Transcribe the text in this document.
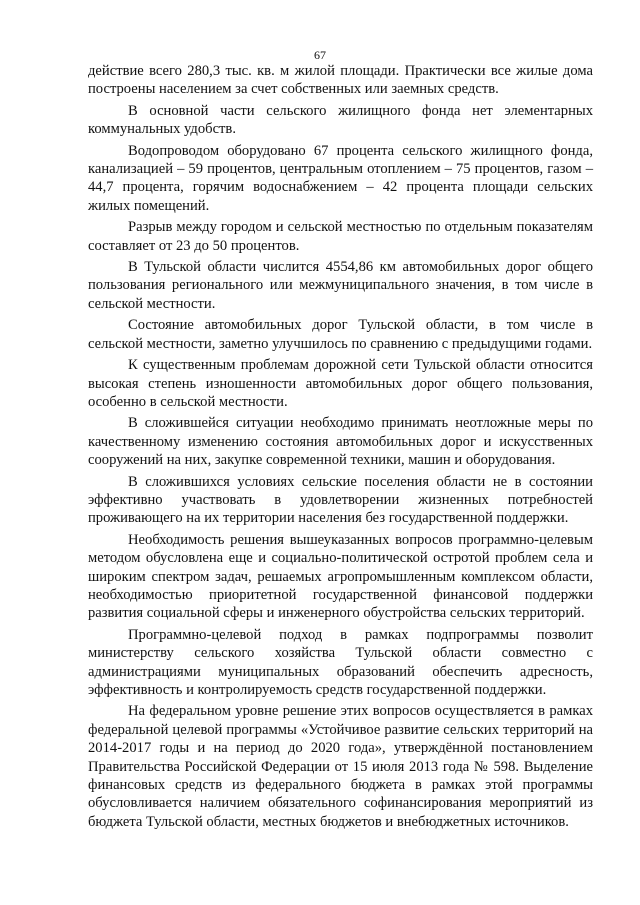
67

действие всего 280,3 тыс. кв. м жилой площади. Практически все жилые дома построены населением за счет собственных или заемных средств.

В основной части сельского жилищного фонда нет элементарных коммунальных удобств.

Водопроводом оборудовано 67 процента сельского жилищного фонда, канализацией – 59 процентов, центральным отоплением – 75 процентов, газом – 44,7 процента, горячим водоснабжением – 42 процента площади сельских жилых помещений.

Разрыв между городом и сельской местностью по отдельным показателям составляет от 23 до 50 процентов.

В Тульской области числится 4554,86 км автомобильных дорог общего пользования регионального или межмуниципального значения, в том числе в сельской местности.

Состояние автомобильных дорог Тульской области, в том числе в сельской местности, заметно улучшилось по сравнению с предыдущими годами.

К существенным проблемам дорожной сети Тульской области относится высокая степень изношенности автомобильных дорог общего пользования, особенно в сельской местности.

В сложившейся ситуации необходимо принимать неотложные меры по качественному изменению состояния автомобильных дорог и искусственных сооружений на них, закупке современной техники, машин и оборудования.

В сложившихся условиях сельские поселения области не в состоянии эффективно участвовать в удовлетворении жизненных потребностей проживающего на их территории населения без государственной поддержки.

Необходимость решения вышеуказанных вопросов программно-целевым методом обусловлена еще и социально-политической остротой проблем села и широким спектром задач, решаемых агропромышленным комплексом области, необходимостью приоритетной государственной финансовой поддержки развития социальной сферы и инженерного обустройства сельских территорий.

Программно-целевой подход в рамках подпрограммы позволит министерству сельского хозяйства Тульской области совместно с администрациями муниципальных образований обеспечить адресность, эффективность и контролируемость средств государственной поддержки.

На федеральном уровне решение этих вопросов осуществляется в рамках федеральной целевой программы «Устойчивое развитие сельских территорий на 2014-2017 годы и на период до 2020 года», утверждённой постановлением Правительства Российской Федерации от 15 июля 2013 года № 598. Выделение финансовых средств из федерального бюджета в рамках этой программы обусловливается наличием обязательного софинансирования мероприятий из бюджета Тульской области, местных бюджетов и внебюджетных источников.
